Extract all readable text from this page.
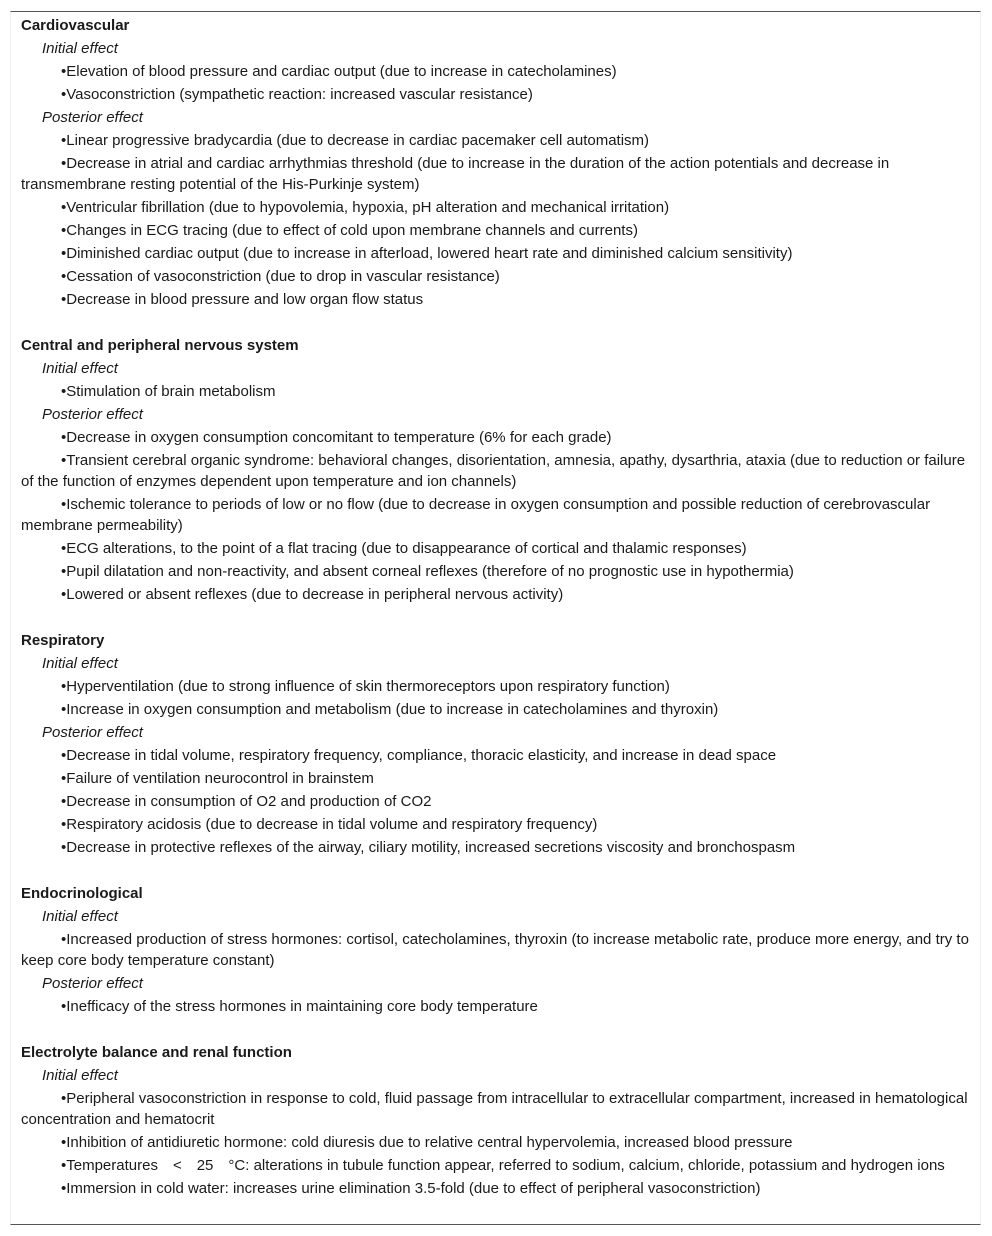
Cardiovascular
Initial effect
•Elevation of blood pressure and cardiac output (due to increase in catecholamines)
•Vasoconstriction (sympathetic reaction: increased vascular resistance)
Posterior effect
•Linear progressive bradycardia (due to decrease in cardiac pacemaker cell automatism)
•Decrease in atrial and cardiac arrhythmias threshold (due to increase in the duration of the action potentials and decrease in transmembrane resting potential of the His-Purkinje system)
•Ventricular fibrillation (due to hypovolemia, hypoxia, pH alteration and mechanical irritation)
•Changes in ECG tracing (due to effect of cold upon membrane channels and currents)
•Diminished cardiac output (due to increase in afterload, lowered heart rate and diminished calcium sensitivity)
•Cessation of vasoconstriction (due to drop in vascular resistance)
•Decrease in blood pressure and low organ flow status
Central and peripheral nervous system
Initial effect
•Stimulation of brain metabolism
Posterior effect
•Decrease in oxygen consumption concomitant to temperature (6% for each grade)
•Transient cerebral organic syndrome: behavioral changes, disorientation, amnesia, apathy, dysarthria, ataxia (due to reduction or failure of the function of enzymes dependent upon temperature and ion channels)
•Ischemic tolerance to periods of low or no flow (due to decrease in oxygen consumption and possible reduction of cerebrovascular membrane permeability)
•ECG alterations, to the point of a flat tracing (due to disappearance of cortical and thalamic responses)
•Pupil dilatation and non-reactivity, and absent corneal reflexes (therefore of no prognostic use in hypothermia)
•Lowered or absent reflexes (due to decrease in peripheral nervous activity)
Respiratory
Initial effect
•Hyperventilation (due to strong influence of skin thermoreceptors upon respiratory function)
•Increase in oxygen consumption and metabolism (due to increase in catecholamines and thyroxin)
Posterior effect
•Decrease in tidal volume, respiratory frequency, compliance, thoracic elasticity, and increase in dead space
•Failure of ventilation neurocontrol in brainstem
•Decrease in consumption of O2 and production of CO2
•Respiratory acidosis (due to decrease in tidal volume and respiratory frequency)
•Decrease in protective reflexes of the airway, ciliary motility, increased secretions viscosity and bronchospasm
Endocrinological
Initial effect
•Increased production of stress hormones: cortisol, catecholamines, thyroxin (to increase metabolic rate, produce more energy, and try to keep core body temperature constant)
Posterior effect
•Inefficacy of the stress hormones in maintaining core body temperature
Electrolyte balance and renal function
Initial effect
•Peripheral vasoconstriction in response to cold, fluid passage from intracellular to extracellular compartment, increased in hematological concentration and hematocrit
•Inhibition of antidiuretic hormone: cold diuresis due to relative central hypervolemia, increased blood pressure
•Temperatures < 25 °C: alterations in tubule function appear, referred to sodium, calcium, chloride, potassium and hydrogen ions
•Immersion in cold water: increases urine elimination 3.5-fold (due to effect of peripheral vasoconstriction)
